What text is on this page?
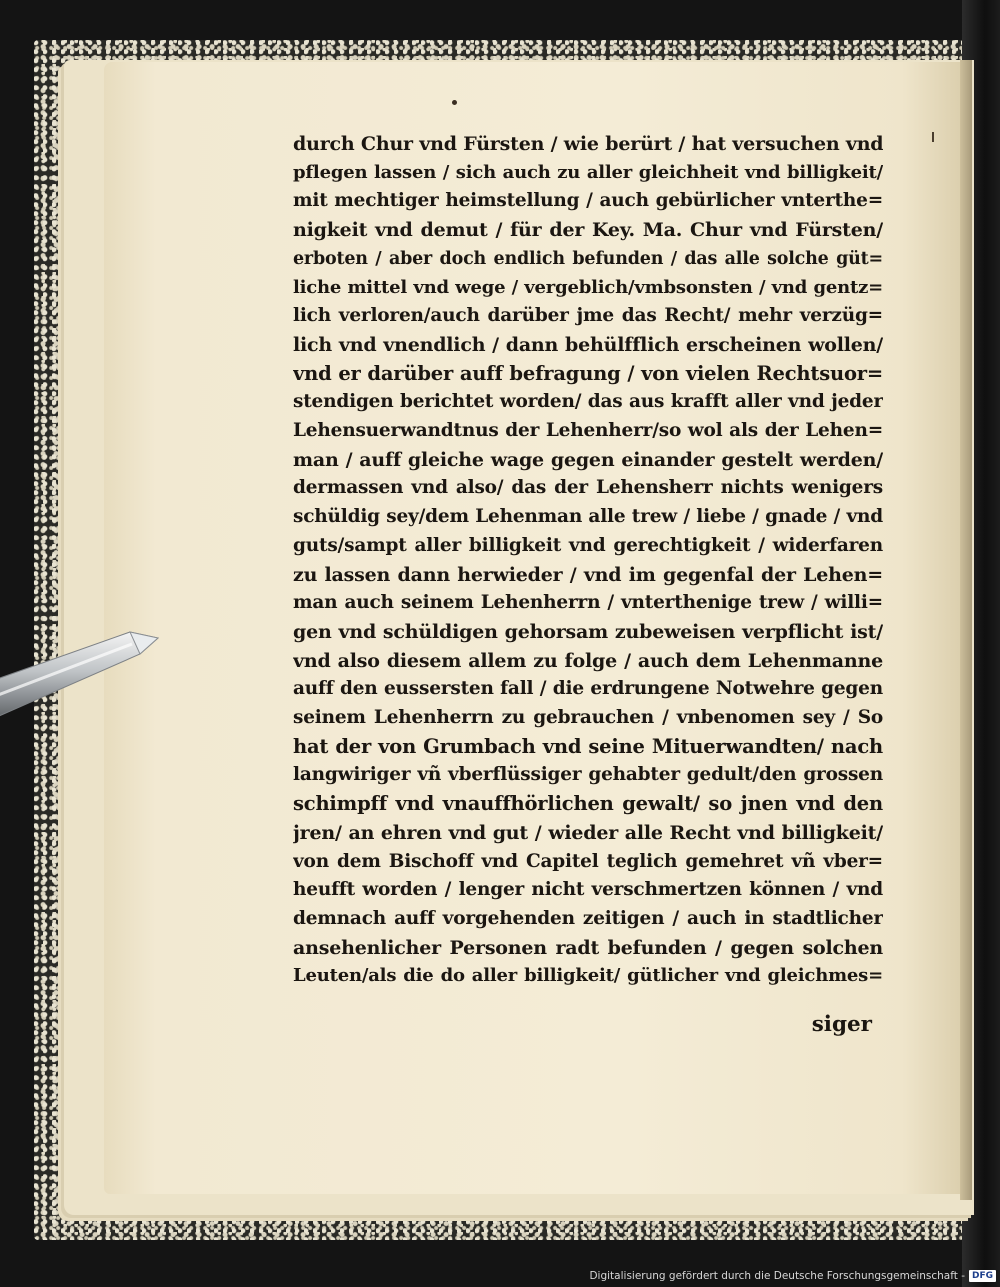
durch Chur vnd Fürsten / wie berürt / hat versuchen vnd
pflegen lassen / sich auch zu aller gleichheit vnd billigkeit/
mit mechtiger heimstellung / auch gebürlicher vnterthe=
nigkeit vnd demut / für der Key. Ma. Chur vnd Fürsten/
erboten / aber doch endlich befunden / das alle solche güt=
liche mittel vnd wege / vergeblich/vmbsonsten / vnd gentz=
lich verloren/auch darüber jme das Recht/ mehr verzüg=
lich vnd vnendlich / dann behülfflich erscheinen wollen/
vnd er darüber auff befragung / von vielen Rechtsuor=
stendigen berichtet worden/ das aus krafft aller vnd jeder
Lehensuerwandtnus der Lehenherr/so wol als der Lehen=
man / auff gleiche wage gegen einander gestelt werden/
dermassen vnd also/ das der Lehensherr nichts wenigers
schüldig sey/dem Lehenman alle trew / liebe / gnade / vnd
guts/sampt aller billigkeit vnd gerechtigkeit / widerfaren
zu lassen dann herwieder / vnd im gegenfal der Lehen=
man auch seinem Lehenherrn / vnterthenige trew / willi=
gen vnd schüldigen gehorsam zubeweisen verpflicht ist/
vnd also diesem allem zu folge / auch dem Lehenmanne
auff den eussersten fall / die erdrungene Notwehre gegen
seinem Lehenherrn zu gebrauchen / vnbenomen sey / So
hat der von Grumbach vnd seine Mituerwandten/ nach
langwiriger vñ vberflüssiger gehabter gedult/den grossen
schimpff vnd vnauffhörlichen gewalt/ so jnen vnd den
jren/ an ehren vnd gut / wieder alle Recht vnd billigkeit/
von dem Bischoff vnd Capitel teglich gemehret vñ vber=
heufft worden / lenger nicht verschmertzen können / vnd
demnach auff vorgehenden zeitigen / auch in stadtlicher
ansehenlicher Personen radt befunden / gegen solchen
Leuten/als die do aller billigkeit/ gütlicher vnd gleichmes=
siger
Digitalisierung gefördert durch die Deutsche Forschungsgemeinschaft - DFG
